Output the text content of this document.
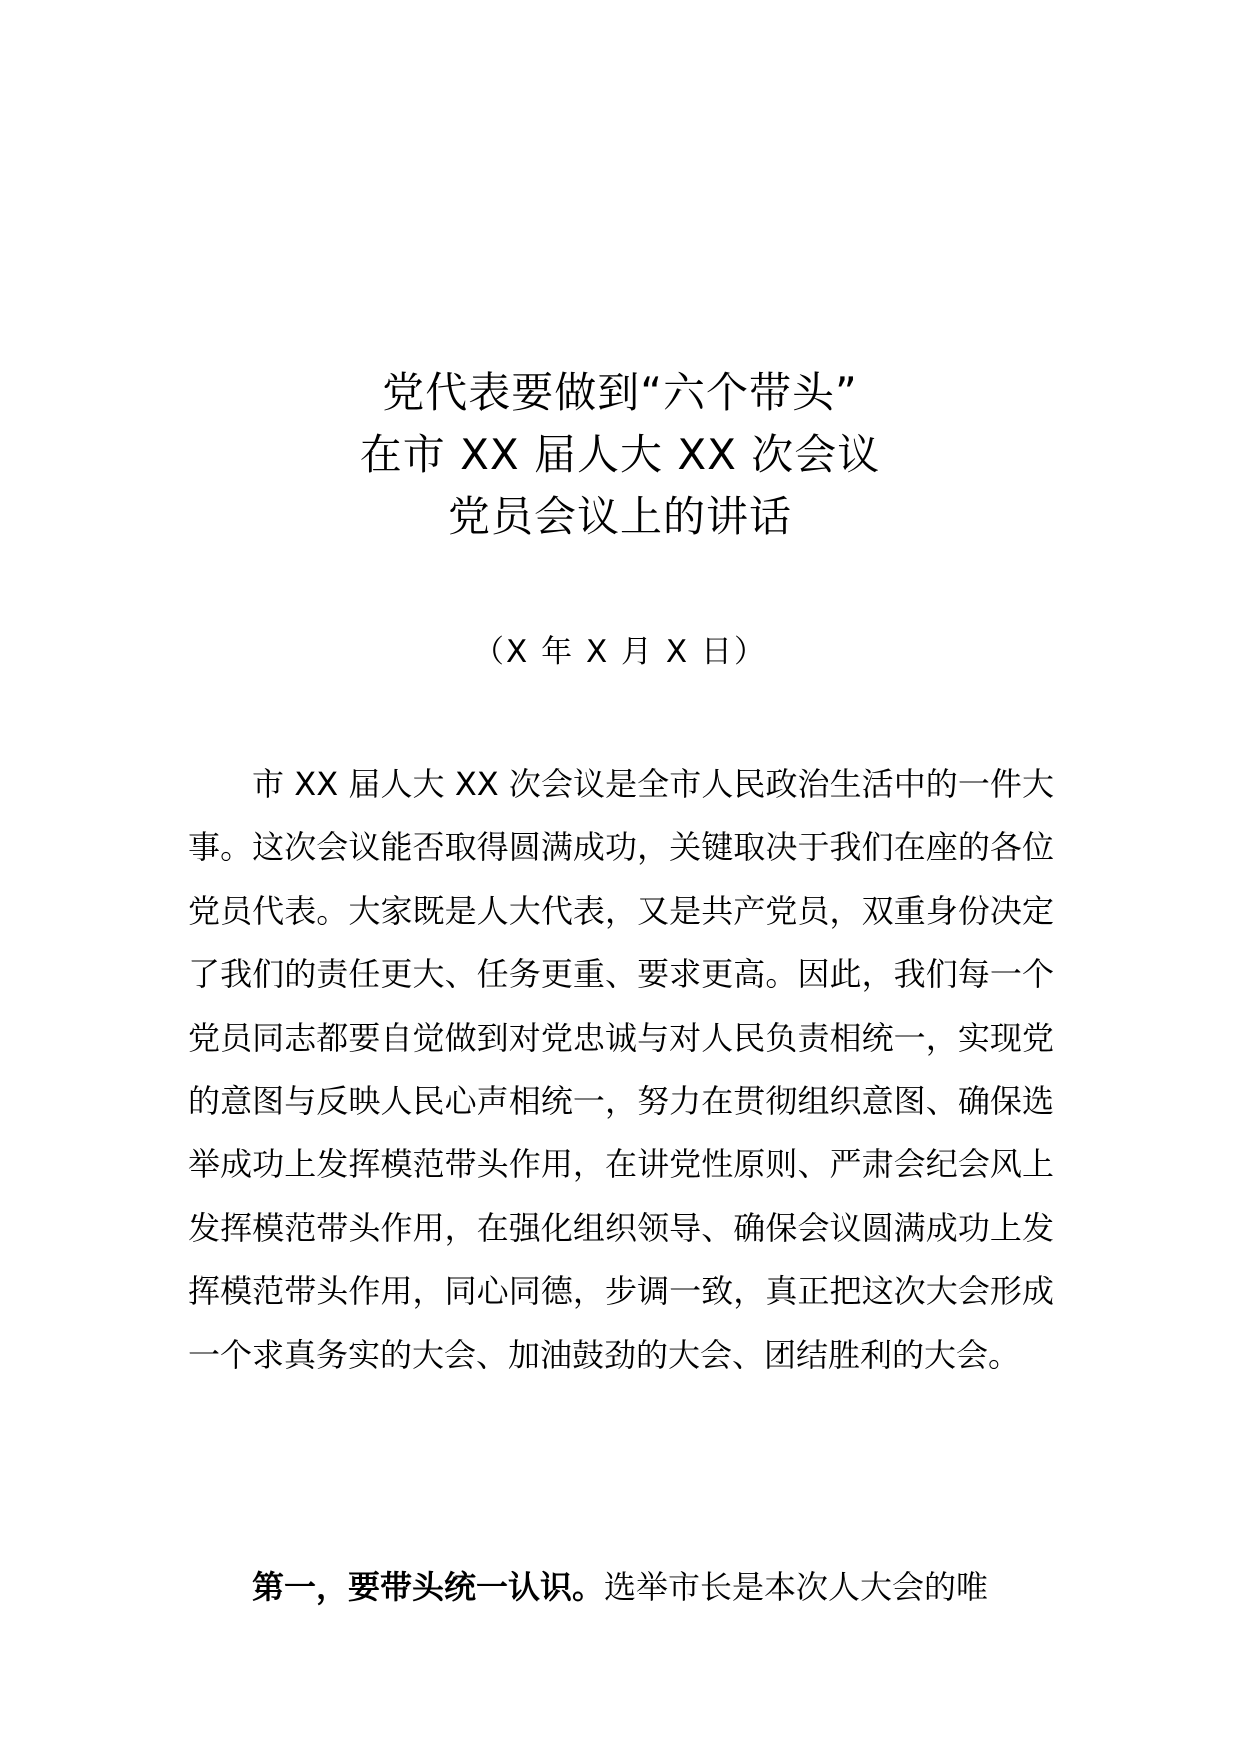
党代表要做到“六个带头”
在市 XX 届人大 XX 次会议
党员会议上的讲话
（X 年 X 月 X 日）

市 XX 届人大 XX 次会议是全市人民政治生活中的一件大事。这次会议能否取得圆满成功，关键取决于我们在座的各位党员代表。大家既是人大代表，又是共产党员，双重身份决定了我们的责任更大、任务更重、要求更高。因此，我们每一个党员同志都要自觉做到对党忠诚与对人民负责相统一，实现党的意图与反映人民心声相统一，努力在贯彻组织意图、确保选举成功上发挥模范带头作用，在讲党性原则、严肃会纪会风上发挥模范带头作用，在强化组织领导、确保会议圆满成功上发挥模范带头作用，同心同德，步调一致，真正把这次大会形成一个求真务实的大会、加油鼓劲的大会、团结胜利的大会。

第一，要带头统一认识。选举市长是本次人大会的唯
